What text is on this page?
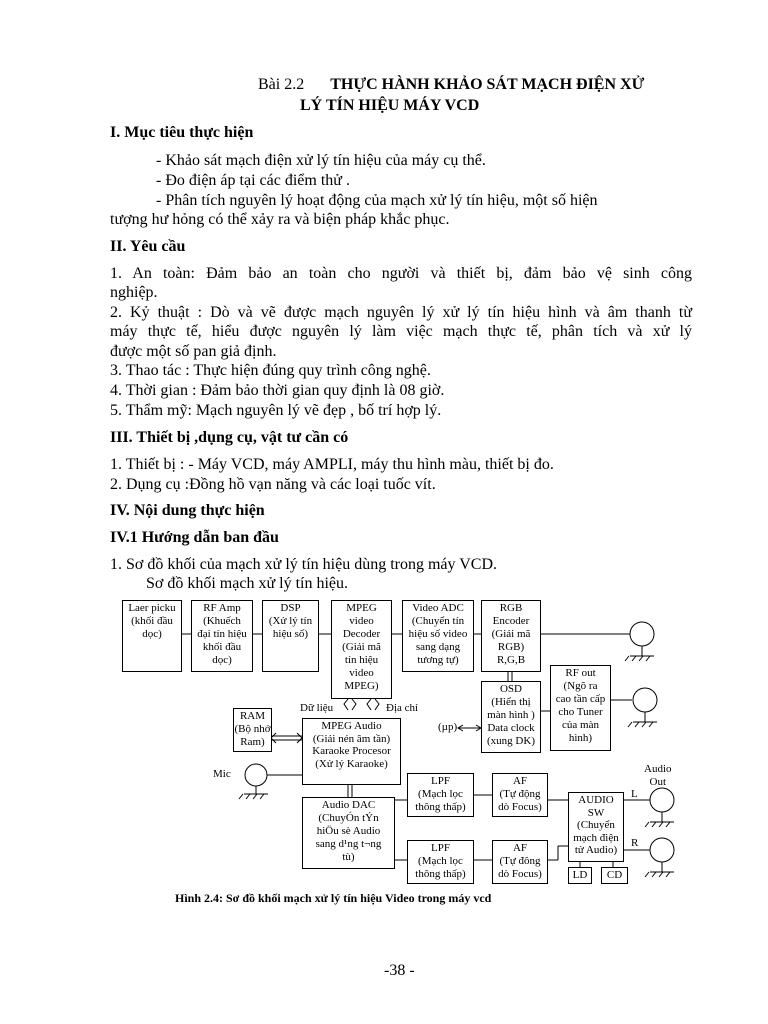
Bài 2.2 THỰC HÀNH KHẢO SÁT MẠCH ĐIỆN XỬ
LÝ TÍN HIỆU MÁY VCD
I. Mục tiêu thực hiện
- Khảo sát mạch điện xử lý tín hiệu của máy cụ thể.
- Đo điện áp tại các điểm thử .
- Phân tích nguyên lý hoạt động của mạch xử lý tín hiệu, một số hiện
tượng hư hỏng có thể xảy ra và biện pháp khắc phục.
II. Yêu cầu
1. An toàn: Đảm bảo an toàn cho người và thiết bị, đảm bảo vệ sinh công
nghiệp.
2. Kỷ thuật : Dò và vẽ được mạch nguyên lý xử lý tín hiệu hình và âm thanh từ
máy thực tế, hiểu được nguyên lý làm việc mạch thực tế, phân tích và xử lý
được một số pan giả định.
3. Thao tác : Thực hiện đúng quy trình công nghệ.
4. Thời gian : Đảm bảo thời gian quy định là 08 giờ.
5. Thẩm mỹ: Mạch nguyên lý vẽ đẹp , bố trí hợp lý.
III. Thiết bị ,dụng cụ, vật tư cần có
1. Thiết bị : - Máy VCD, máy AMPLI, máy thu hình màu, thiết bị đo.
2. Dụng cụ :Đồng hồ vạn năng và các loại tuốc vít.
IV. Nội dung thực hiện
IV.1 Hướng dẫn ban đầu
1. Sơ đồ khối của mạch xử lý tín hiệu dùng trong máy VCD.
Sơ đồ khối mạch xử lý tín hiệu.
Laer picku
(khối đầu
dọc)
RF Amp
(Khuếch
đại tín hiệu
khối đầu
dọc)
DSP
(Xử lý tín
hiệu số)
MPEG
video
Decoder
(Giải mã
tín hiệu
video
MPEG)
Video ADC
(Chuyển tín
hiệu số video
sang dạng
tương tự)
RGB
Encoder
(Giải mã
RGB)
R,G,B
RF out
(Ngõ ra
cao tần cấp
cho Tuner
của màn
hình)
OSD
(Hiển thị
màn hình )
Data clock
(xung DK)
RAM
(Bộ nhớ
Ram)
MPEG Audio
(Giải nén âm tần)
Karaoke Procesor
(Xử lý Karaoke)
Audio DAC
(ChuyÓn tÝn
hiÖu sè Audio
sang d¹ng t¬ng
tù)
LPF
(Mạch lọc
thông thấp)
LPF
(Mạch lọc
thông thấp)
AF
(Tự động
dò Focus)
AF
(Tự đông
dò Focus)
AUDIO
SW
(Chuyển
mạch điện
tử Audio)
LD	CD
Dữ liệu	Địa chỉ
(µp)
Mic	Audio
Out
L
R
Hình 2.4: Sơ đồ khối mạch xử lý tín hiệu Video trong máy vcd
-38 -
